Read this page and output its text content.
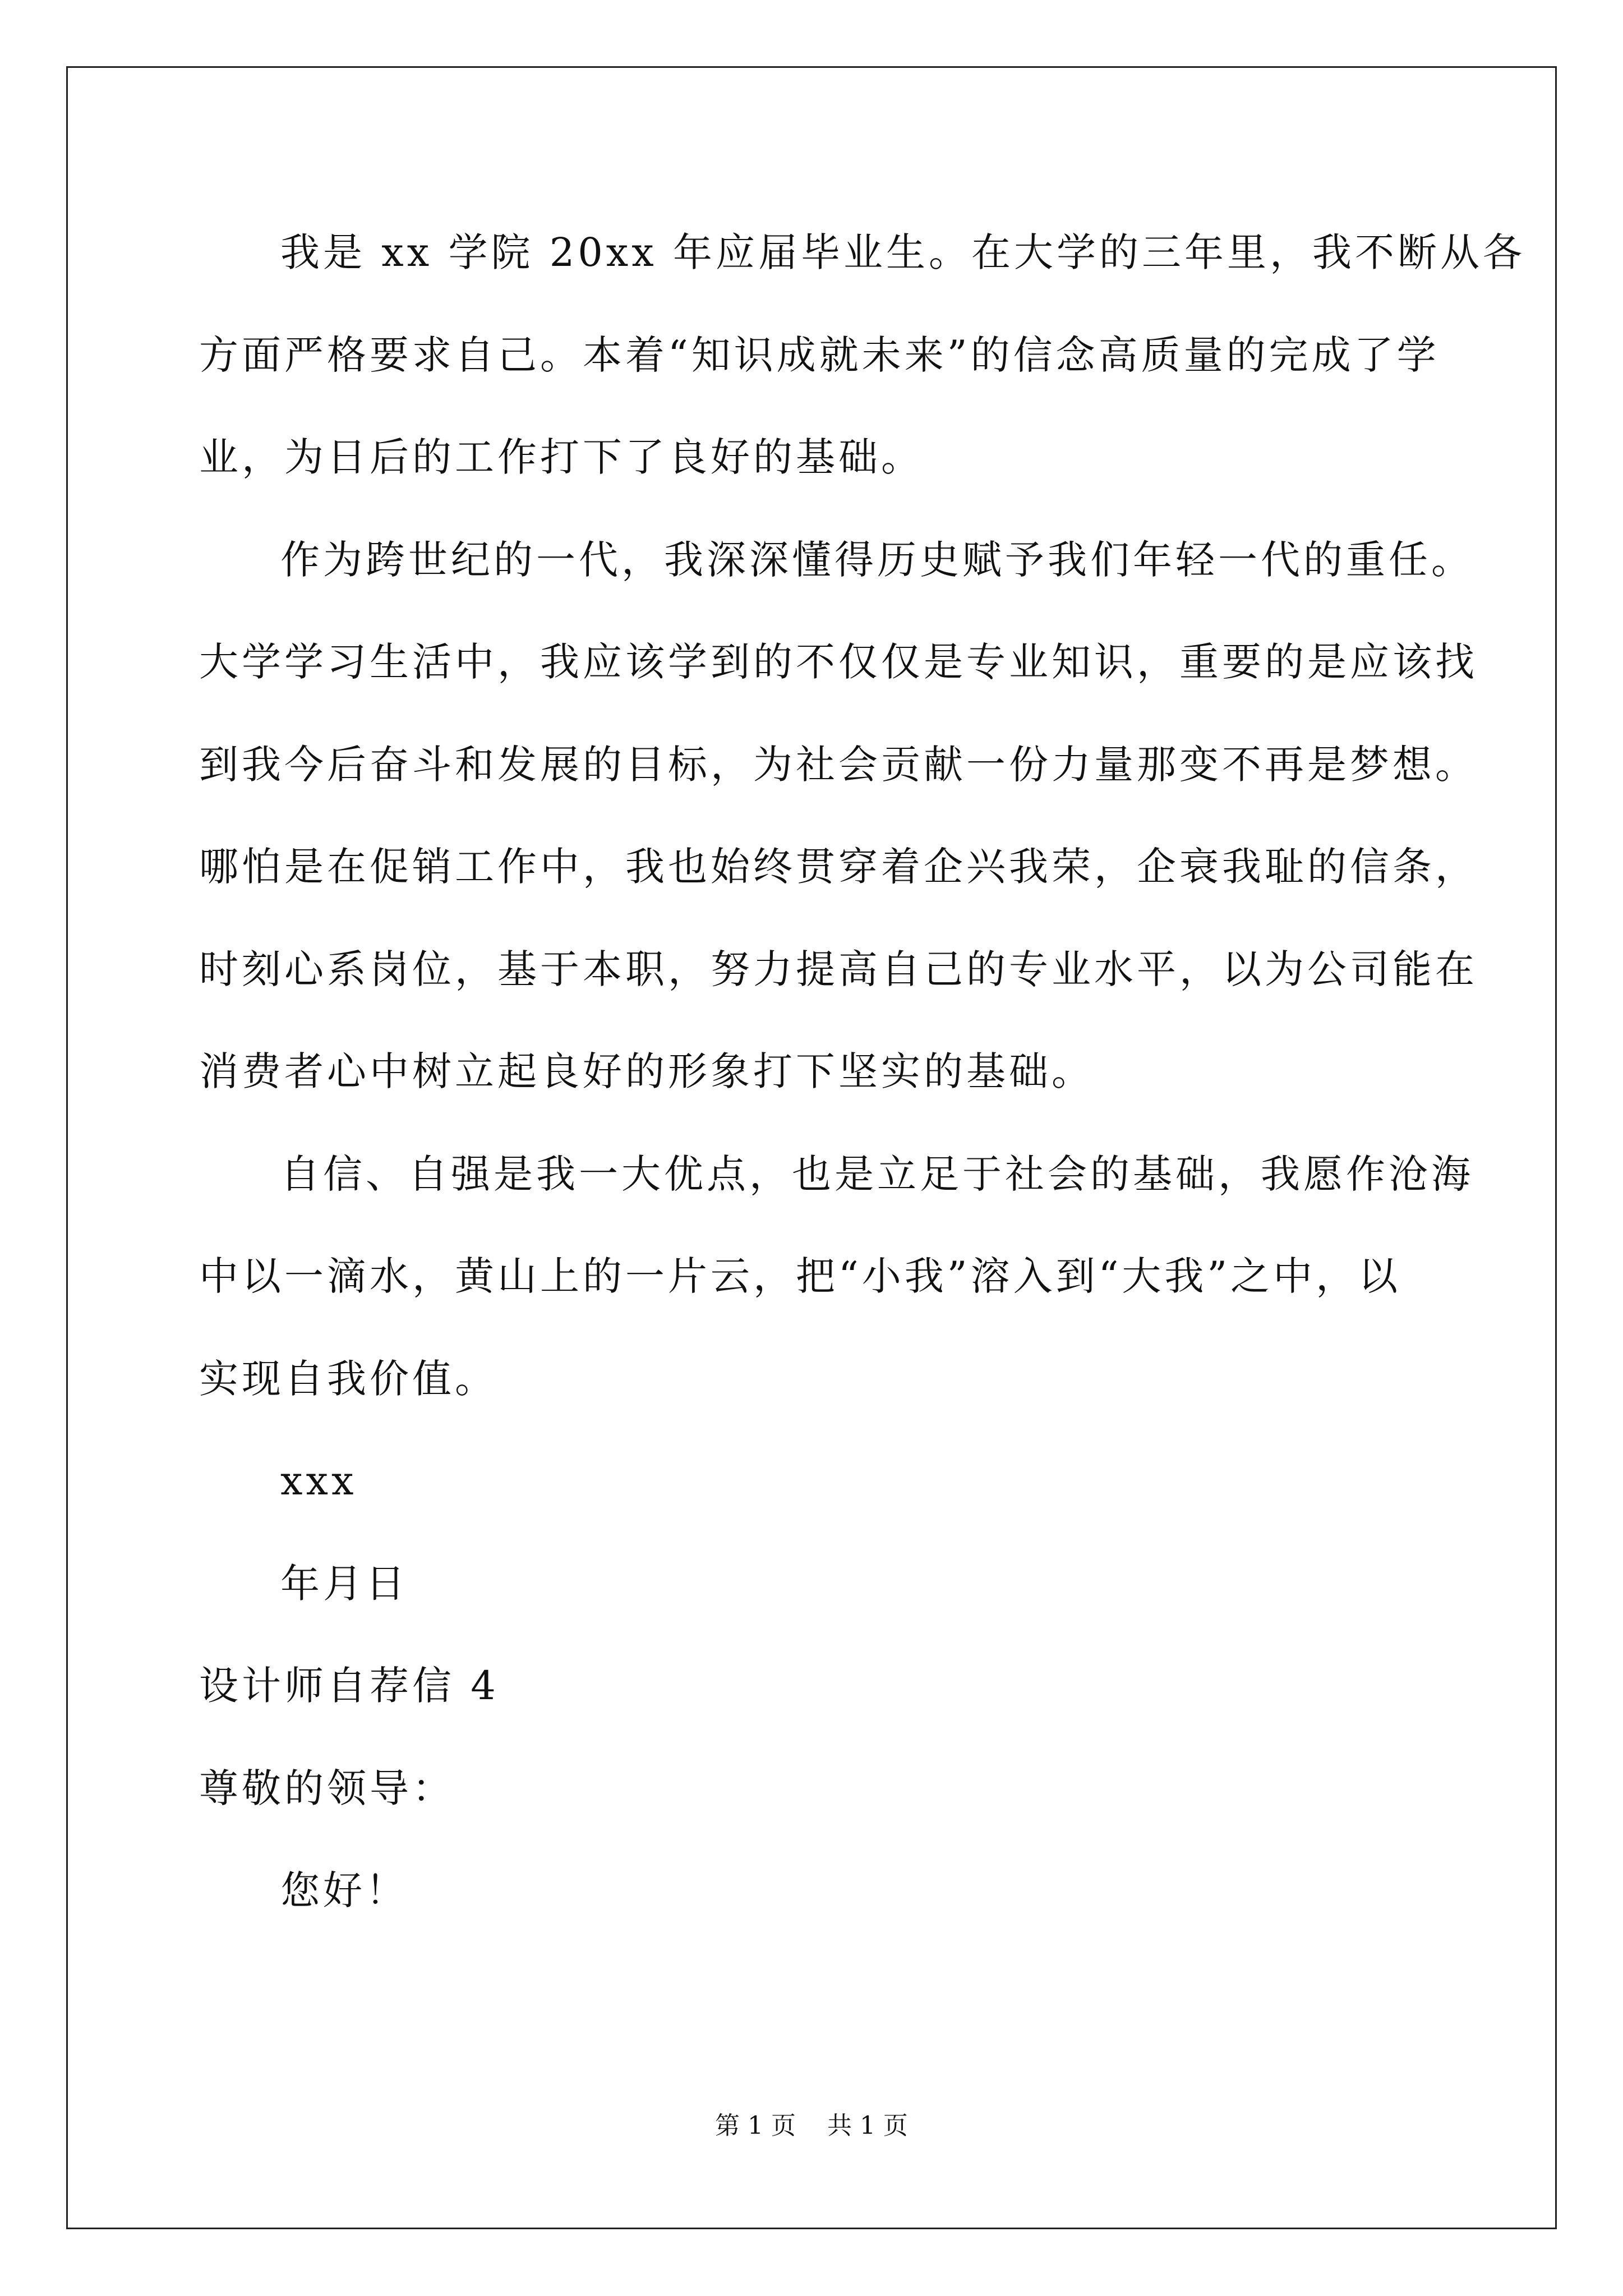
我是 xx 学院 20xx 年应届毕业生。在大学的三年里，我不断从各
方面严格要求自己。本着“知识成就未来”的信念高质量的完成了学
业，为日后的工作打下了良好的基础。
作为跨世纪的一代，我深深懂得历史赋予我们年轻一代的重任。
大学学习生活中，我应该学到的不仅仅是专业知识，重要的是应该找
到我今后奋斗和发展的目标，为社会贡献一份力量那变不再是梦想。
哪怕是在促销工作中，我也始终贯穿着企兴我荣，企衰我耻的信条，
时刻心系岗位，基于本职，努力提高自己的专业水平，以为公司能在
消费者心中树立起良好的形象打下坚实的基础。
自信、自强是我一大优点，也是立足于社会的基础，我愿作沧海
中以一滴水，黄山上的一片云，把“小我”溶入到“大我”之中，以
实现自我价值。
xxx
年月日
设计师自荐信 4
尊敬的领导：
您好！
第 1 页    共 1 页
